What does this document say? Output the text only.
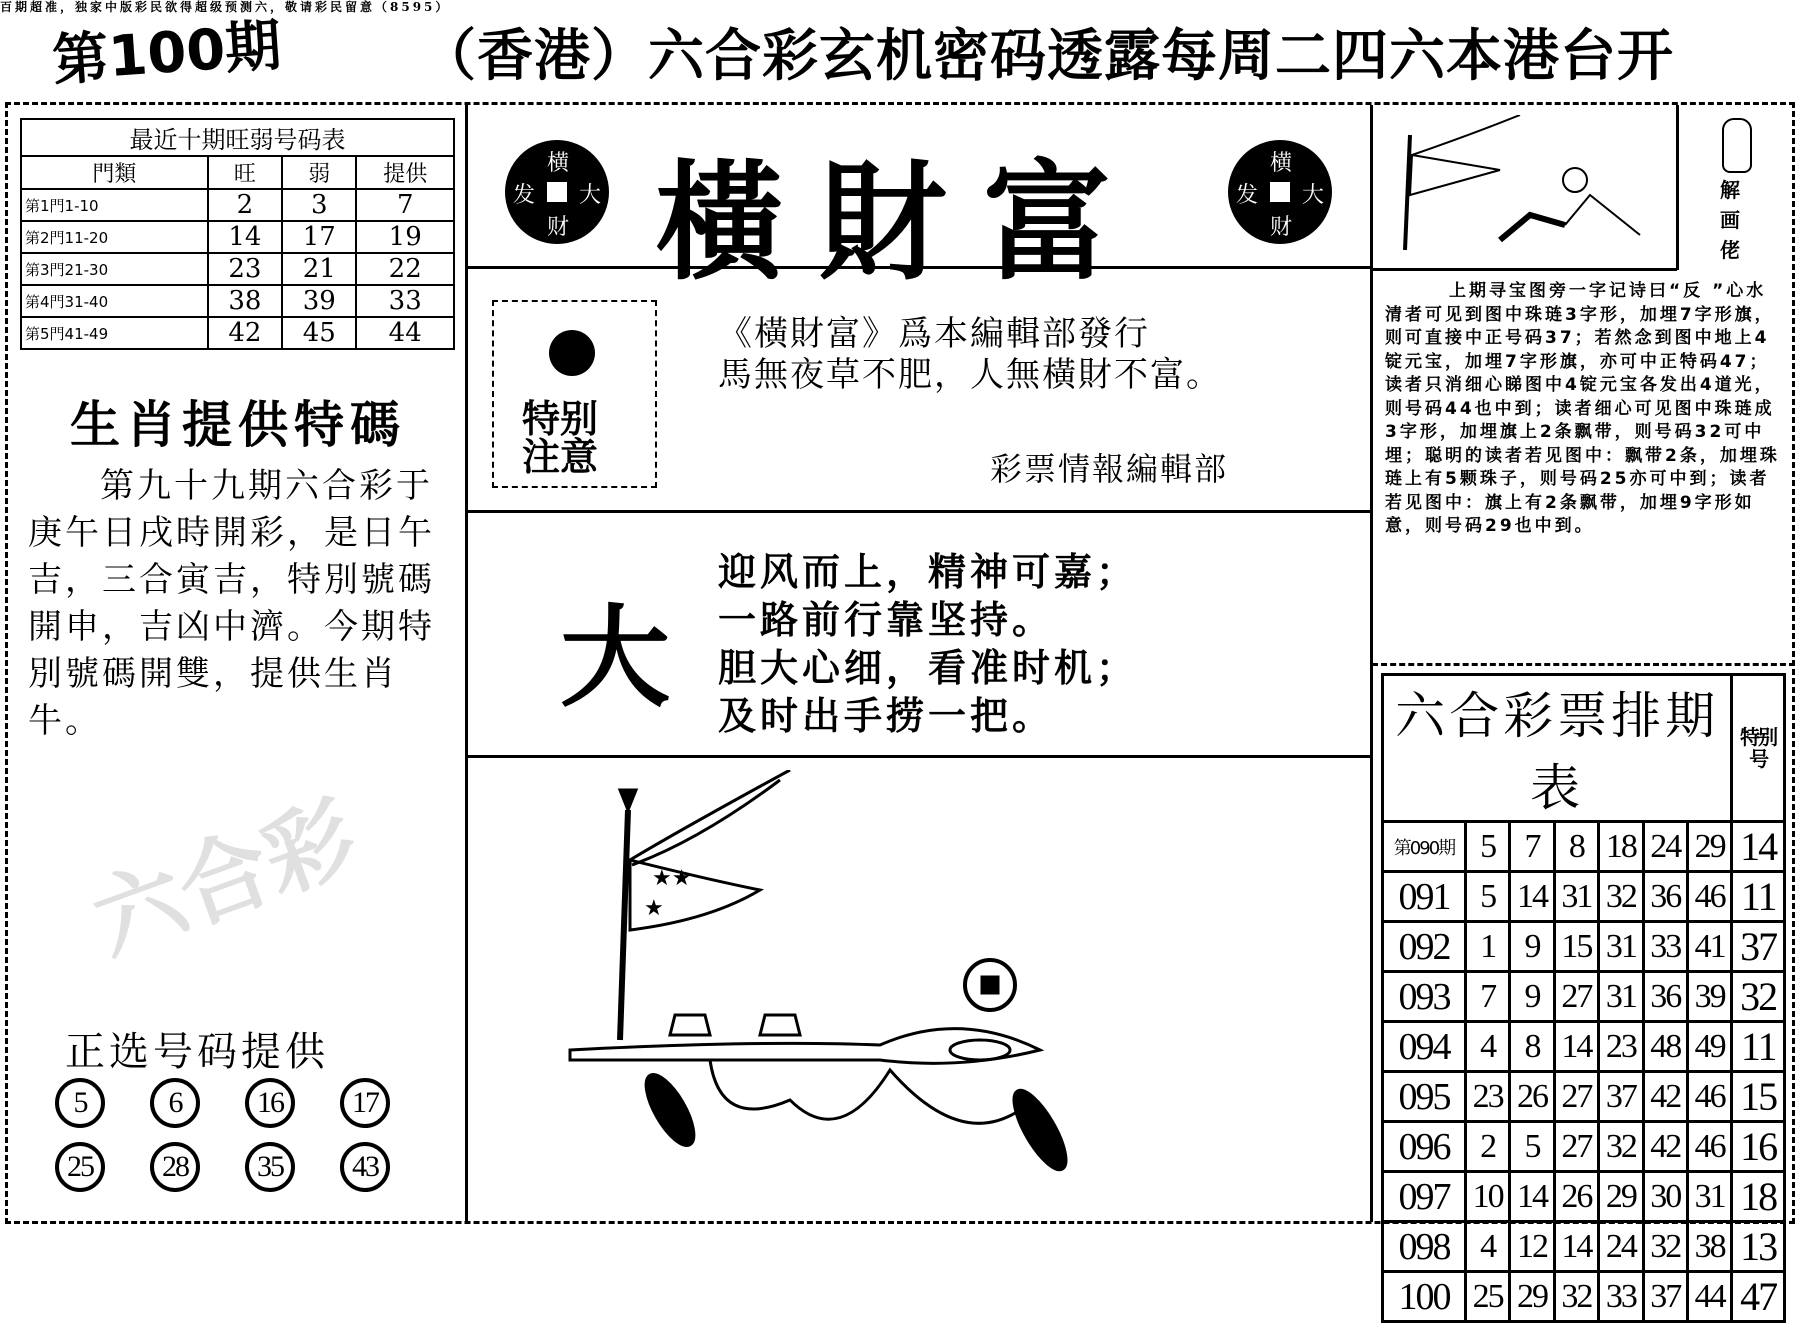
百期超准，独家中版彩民欲得超级预测六，敬请彩民留意（8595）
第100期 （香港）六合彩玄机密码透露每周二四六本港台开
最近十期旺弱号码表			
門類	旺	弱	提供
第1門1-10	2	3	7
第2門11-20	14	17	19
第3門21-30	23	21	22
第4門31-40	38	39	33
第5門41-49	42	45	44
生肖提供特碼
第九十九期六合彩于庚午日戌時開彩，是日午吉，三合寅吉，特別號碼開申，吉凶中濟。今期特別號碼開雙，提供生肖牛。
正选号码提供
5	6	16	17
25	28	35	43
横
发 大
财
横
发 大
财
橫財富
特别注意
《橫財富》爲本編輯部發行
馬無夜草不肥，人無橫財不富。
彩票情報編輯部
大
迎风而上，精神可嘉；
一路前行靠坚持。
胆大心细，看准时机；
及时出手捞一把。
★★
★
解画佬
上期寻宝图旁一字记诗曰“反 ”心水清者可见到图中珠琏3字形，加埋7字形旗，则可直接中正号码37；若然念到图中地上4锭元宝，加埋7字形旗，亦可中正特码47；读者只消细心睇图中4锭元宝各发出4道光，则号码44也中到；读者细心可见图中珠琏成3字形，加埋旗上2条飘带，则号码32可中埋；聪明的读者若见图中：飘带2条，加埋珠琏上有5颗珠子，则号码25亦可中到；读者若见图中：旗上有2条飘带，加埋9字形如意，则号码29也中到。
六合彩票排期表							特别号
第090期	5	7	8	18	24	29	14
091	5	14	31	32	36	46	11
092	1	9	15	31	33	41	37
093	7	9	27	31	36	39	32
094	4	8	14	23	48	49	11
095	23	26	27	37	42	46	15
096	2	5	27	32	42	46	16
097	10	14	26	29	30	31	18
098	4	12	14	24	32	38	13
100	25	29	32	33	37	44	47
六合彩
